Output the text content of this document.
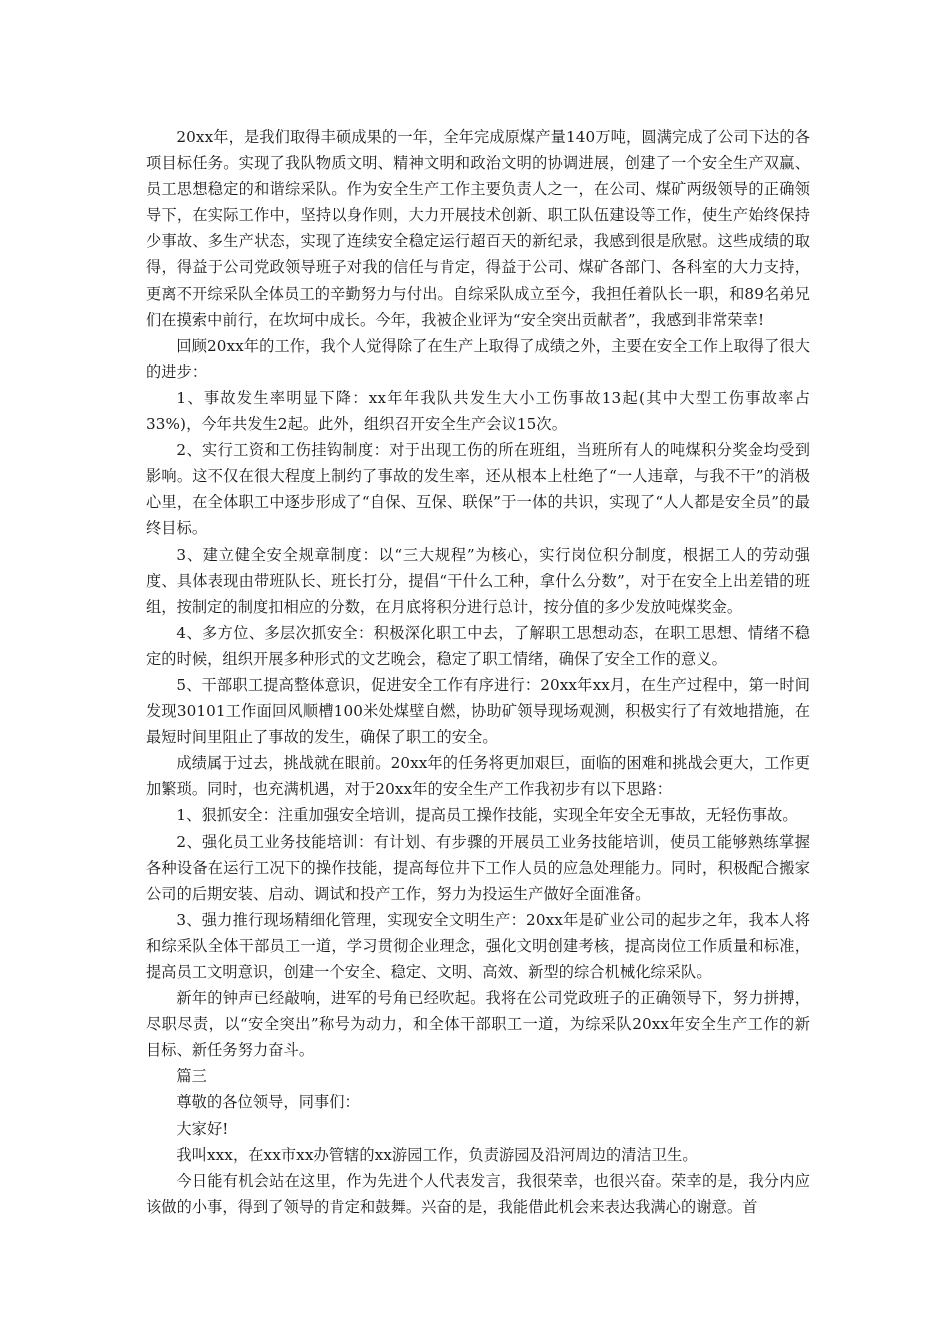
20xx年，是我们取得丰硕成果的一年，全年完成原煤产量140万吨，圆满完成了公司下达的各项目标任务。实现了我队物质文明、精神文明和政治文明的协调进展，创建了一个安全生产双赢、员工思想稳定的和谐综采队。作为安全生产工作主要负责人之一，在公司、煤矿两级领导的正确领导下，在实际工作中，坚持以身作则，大力开展技术创新、职工队伍建设等工作，使生产始终保持少事故、多生产状态，实现了连续安全稳定运行超百天的新纪录，我感到很是欣慰。这些成绩的取得，得益于公司党政领导班子对我的信任与肯定，得益于公司、煤矿各部门、各科室的大力支持，更离不开综采队全体员工的辛勤努力与付出。自综采队成立至今，我担任着队长一职，和89名弟兄们在摸索中前行，在坎坷中成长。今年，我被企业评为“安全突出贡献者”，我感到非常荣幸!

回顾20xx年的工作，我个人觉得除了在生产上取得了成绩之外，主要在安全工作上取得了很大的进步：

1、事故发生率明显下降：xx年年我队共发生大小工伤事故13起(其中大型工伤事故率占33%)，今年共发生2起。此外，组织召开安全生产会议15次。

2、实行工资和工伤挂钩制度：对于出现工伤的所在班组，当班所有人的吨煤积分奖金均受到影响。这不仅在很大程度上制约了事故的发生率，还从根本上杜绝了“一人违章，与我不干”的消极心里，在全体职工中逐步形成了“自保、互保、联保”于一体的共识，实现了“人人都是安全员”的最终目标。

3、建立健全安全规章制度：以“三大规程”为核心，实行岗位积分制度，根据工人的劳动强度、具体表现由带班队长、班长打分，提倡“干什么工种，拿什么分数”，对于在安全上出差错的班组，按制定的制度扣相应的分数，在月底将积分进行总计，按分值的多少发放吨煤奖金。

4、多方位、多层次抓安全：积极深化职工中去，了解职工思想动态，在职工思想、情绪不稳定的时候，组织开展多种形式的文艺晚会，稳定了职工情绪，确保了安全工作的意义。

5、干部职工提高整体意识，促进安全工作有序进行：20xx年xx月，在生产过程中，第一时间发现30101工作面回风顺槽100米处煤壁自燃，协助矿领导现场观测，积极实行了有效地措施，在最短时间里阻止了事故的发生，确保了职工的安全。

成绩属于过去，挑战就在眼前。20xx年的任务将更加艰巨，面临的困难和挑战会更大，工作更加繁琐。同时，也充满机遇，对于20xx年的安全生产工作我初步有以下思路：

1、狠抓安全：注重加强安全培训，提高员工操作技能，实现全年安全无事故，无轻伤事故。

2、强化员工业务技能培训：有计划、有步骤的开展员工业务技能培训，使员工能够熟练掌握各种设备在运行工况下的操作技能，提高每位井下工作人员的应急处理能力。同时，积极配合搬家公司的后期安装、启动、调试和投产工作，努力为投运生产做好全面准备。

3、强力推行现场精细化管理，实现安全文明生产：20xx年是矿业公司的起步之年，我本人将和综采队全体干部员工一道，学习贯彻企业理念，强化文明创建考核，提高岗位工作质量和标准，提高员工文明意识，创建一个安全、稳定、文明、高效、新型的综合机械化综采队。

新年的钟声已经敲响，进军的号角已经吹起。我将在公司党政班子的正确领导下，努力拼搏，尽职尽责，以“安全突出”称号为动力，和全体干部职工一道，为综采队20xx年安全生产工作的新目标、新任务努力奋斗。

篇三

尊敬的各位领导，同事们：

大家好!

我叫xxx，在xx市xx办管辖的xx游园工作，负责游园及沿河周边的清洁卫生。

今日能有机会站在这里，作为先进个人代表发言，我很荣幸，也很兴奋。荣幸的是，我分内应该做的小事，得到了领导的肯定和鼓舞。兴奋的是，我能借此机会来表达我满心的谢意。首
